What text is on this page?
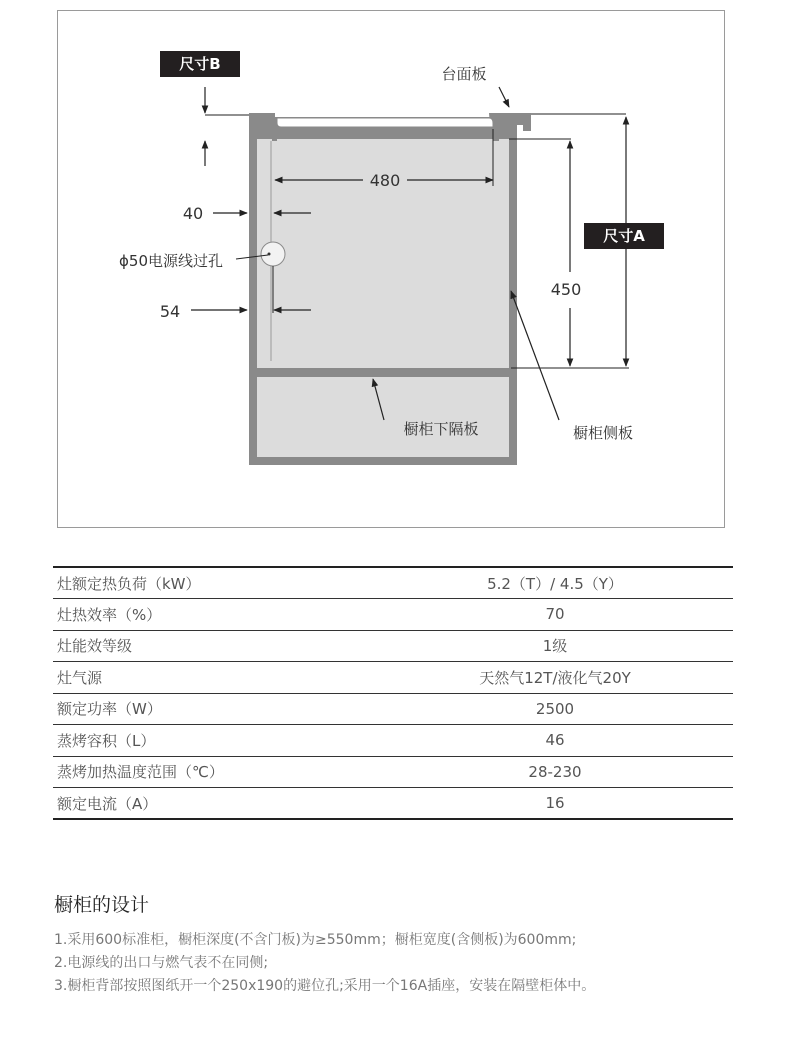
尺寸B
尺寸A
台面板
480
40
ϕ50电源线过孔
54
450
橱柜下隔板	橱柜侧板
灶额定热负荷（kW）	5.2（T）/ 4.5（Y）
灶热效率（%）	70
灶能效等级	1级
灶气源	天然气12T/液化气20Y
额定功率（W）	2500
蒸烤容积（L）	46
蒸烤加热温度范围（℃）	28-230
额定电流（A）	16
橱柜的设计

1.采用600标准柜，橱柜深度(不含门板)为≥550mm；橱柜宽度(含侧板)为600mm;

2.电源线的出口与燃气表不在同侧;

3.橱柜背部按照图纸开一个250x190的避位孔;采用一个16A插座，安装在隔壁柜体中。
